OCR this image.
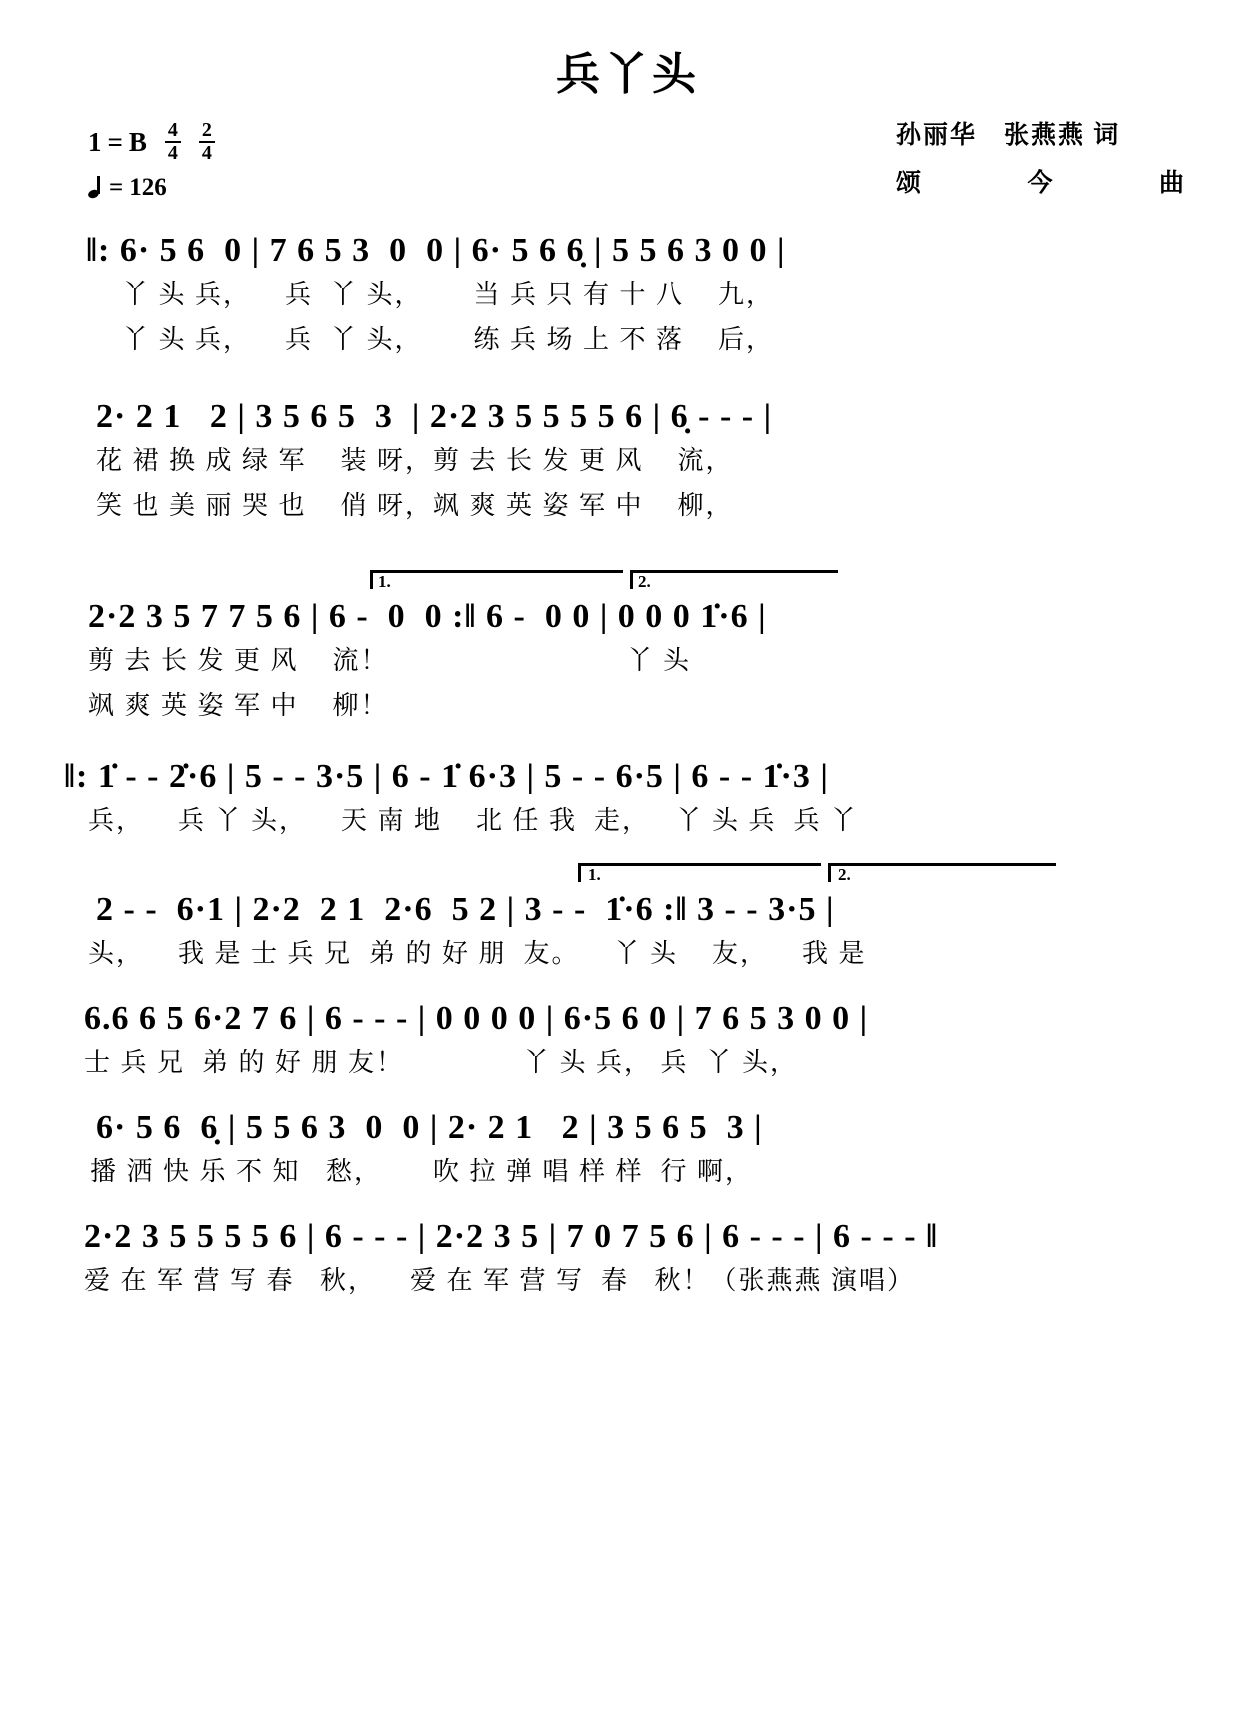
兵丫头
1 = B $\frac{4}{4} \frac{2}{4}$
= 126
孙丽华　张燕燕 词
颂	今	曲
‖: 6· 5 6  0 | 7 6 5 3  0  0 | 6· 5 6 6̣ | 5 5 6 3 0 0 |
丫 头 兵，    兵  丫 头，      当 兵 只 有 十 八    九，
丫 头 兵，    兵  丫 头，      练 兵 场 上 不 落    后，
2· 2 1   2 | 3 5 6 5  3  | 2·2 3 5 5 5 5 6 | 6̣ - - - |
花 裙 换 成 绿 军    装 呀，剪 去 长 发 更 风    流，
笑 也 美 丽 哭 也    俏 呀，飒 爽 英 姿 军 中    柳，
1.	2.
2·2 3 5 7 7 5 6 | 6 -  0  0 :‖ 6 -  0 0 | 0 0 0 1̇·6 |
剪 去 长 发 更 风    流！                            丫 头
飒 爽 英 姿 军 中    柳！
‖: 1̇ - - 2̇·6 | 5 - - 3·5 | 6 - 1̇ 6·3 | 5 - - 6·5 | 6 - - 1̇·3 |
兵，    兵 丫 头，    天 南 地    北 任 我  走，   丫 头 兵  兵 丫
1.	2.
2 - -  6·1 | 2·2  2 1  2·6  5 2 | 3 - -  1̇·6 :‖ 3 - - 3·5 |
头，    我 是 士 兵 兄  弟 的 好 朋  友。    丫 头    友，    我 是
6.6 6 5 6·2 7 6 | 6 - - - | 0 0 0 0 | 6·5 6 0 | 7 6 5 3 0 0 |
士 兵 兄  弟 的 好 朋 友！              丫 头 兵， 兵  丫 头，
6· 5 6  6̣ | 5 5 6 3  0  0 | 2· 2 1   2 | 3 5 6 5  3 |
播 洒 快 乐 不 知   愁，      吹 拉 弹 唱 样 样  行 啊，
2·2 3 5 5 5 5 6 | 6 - - - | 2·2 3 5 | 7 0 7 5 6 | 6 - - - | 6 - - - ‖
爱 在 军 营 写 春   秋，    爱 在 军 营 写  春   秋！（张燕燕 演唱）
